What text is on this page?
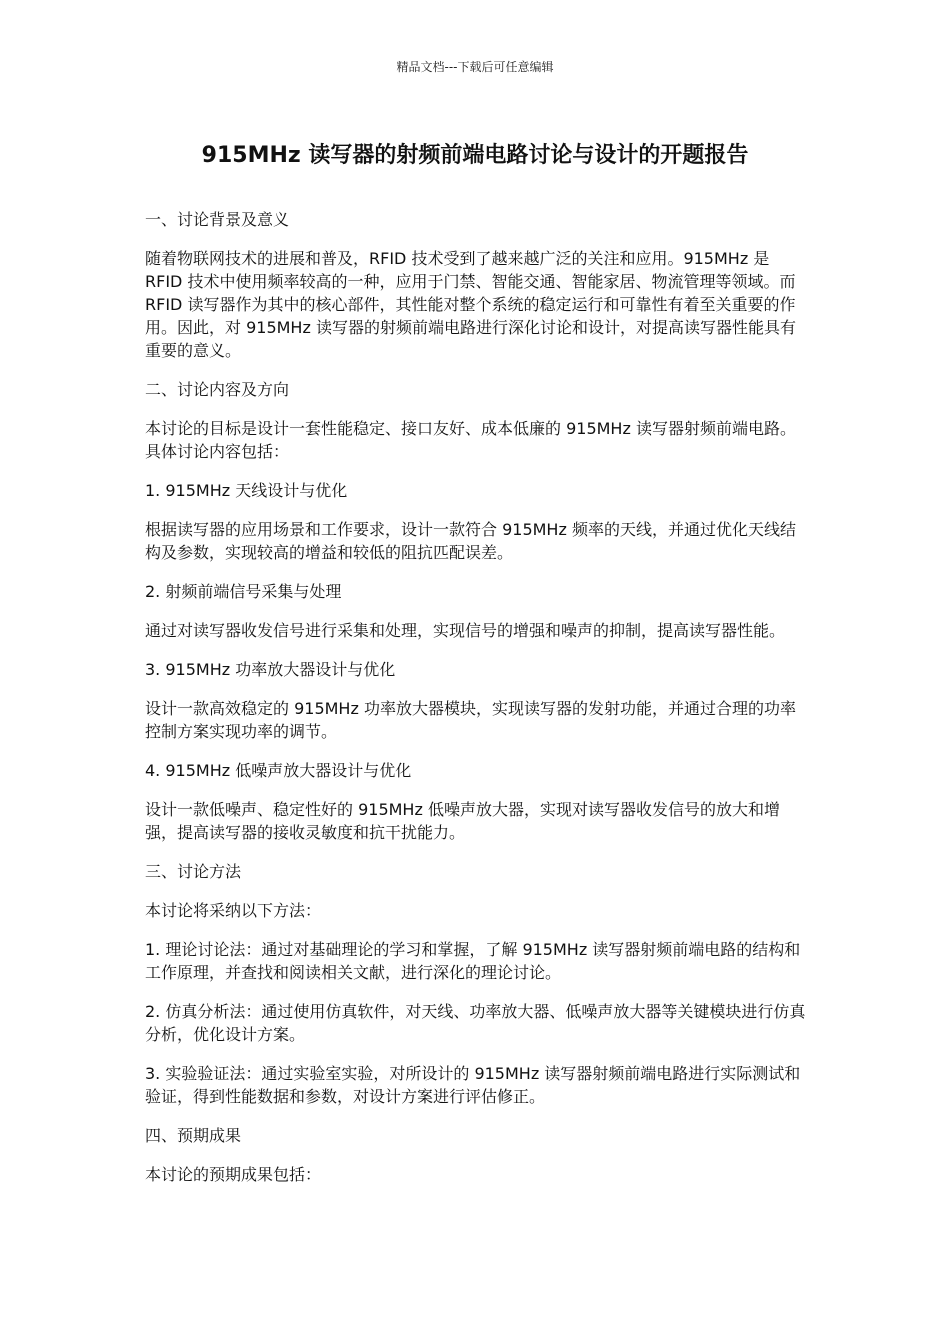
精品文档---下载后可任意编辑
915MHz 读写器的射频前端电路讨论与设计的开题报告

一、讨论背景及意义

随着物联网技术的进展和普及，RFID 技术受到了越来越广泛的关注和应用。915MHz 是 RFID 技术中使用频率较高的一种，应用于门禁、智能交通、智能家居、物流管理等领域。而 RFID 读写器作为其中的核心部件，其性能对整个系统的稳定运行和可靠性有着至关重要的作用。因此，对 915MHz 读写器的射频前端电路进行深化讨论和设计，对提高读写器性能具有重要的意义。

二、讨论内容及方向

本讨论的目标是设计一套性能稳定、接口友好、成本低廉的 915MHz 读写器射频前端电路。具体讨论内容包括：

1. 915MHz 天线设计与优化

根据读写器的应用场景和工作要求，设计一款符合 915MHz 频率的天线，并通过优化天线结构及参数，实现较高的增益和较低的阻抗匹配误差。

2. 射频前端信号采集与处理

通过对读写器收发信号进行采集和处理，实现信号的增强和噪声的抑制，提高读写器性能。

3. 915MHz 功率放大器设计与优化

设计一款高效稳定的 915MHz 功率放大器模块，实现读写器的发射功能，并通过合理的功率控制方案实现功率的调节。

4. 915MHz 低噪声放大器设计与优化

设计一款低噪声、稳定性好的 915MHz 低噪声放大器，实现对读写器收发信号的放大和增强，提高读写器的接收灵敏度和抗干扰能力。

三、讨论方法

本讨论将采纳以下方法：

1. 理论讨论法：通过对基础理论的学习和掌握，了解 915MHz 读写器射频前端电路的结构和工作原理，并查找和阅读相关文献，进行深化的理论讨论。

2. 仿真分析法：通过使用仿真软件，对天线、功率放大器、低噪声放大器等关键模块进行仿真分析，优化设计方案。

3. 实验验证法：通过实验室实验，对所设计的 915MHz 读写器射频前端电路进行实际测试和验证，得到性能数据和参数，对设计方案进行评估修正。

四、预期成果

本讨论的预期成果包括：
